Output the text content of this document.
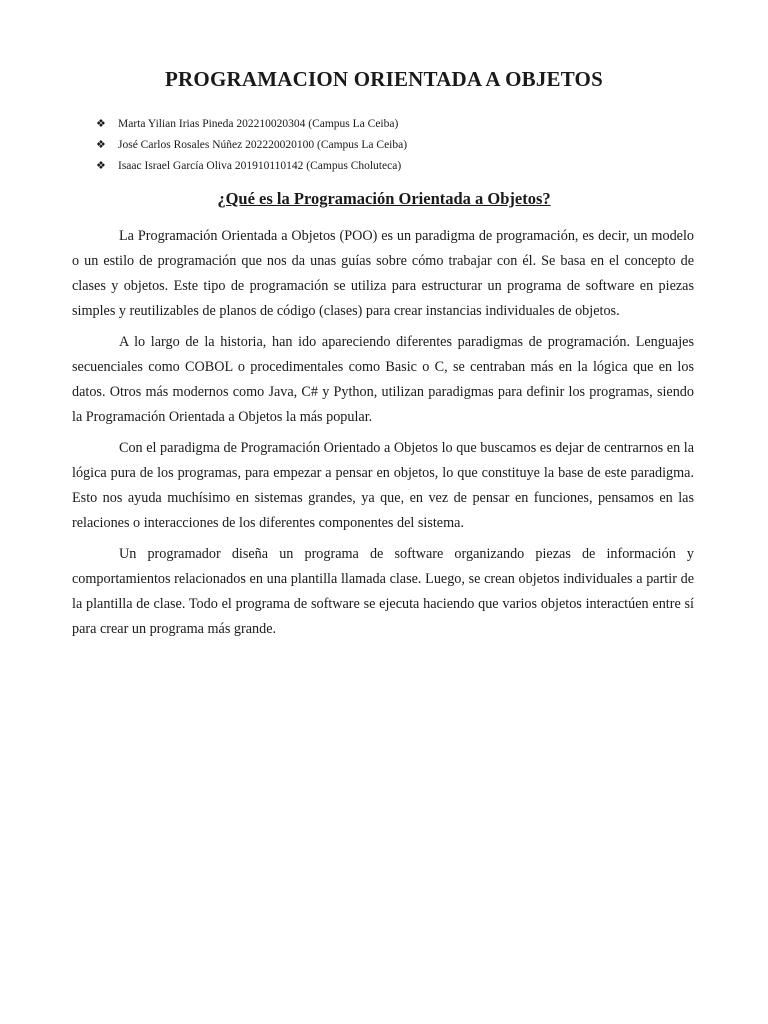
PROGRAMACION ORIENTADA A OBJETOS
❖	Marta Yilian Irias Pineda 202210020304 (Campus La Ceiba)
❖	José Carlos Rosales Núñez 202220020100 (Campus La Ceiba)
❖	Isaac Israel García Oliva 201910110142 (Campus Choluteca)
¿Qué es la Programación Orientada a Objetos?

La Programación Orientada a Objetos (POO) es un paradigma de programación, es decir, un modelo o un estilo de programación que nos da unas guías sobre cómo trabajar con él. Se basa en el concepto de clases y objetos. Este tipo de programación se utiliza para estructurar un programa de software en piezas simples y reutilizables de planos de código (clases) para crear instancias individuales de objetos.

A lo largo de la historia, han ido apareciendo diferentes paradigmas de programación. Lenguajes secuenciales como COBOL o procedimentales como Basic o C, se centraban más en la lógica que en los datos. Otros más modernos como Java, C# y Python, utilizan paradigmas para definir los programas, siendo la Programación Orientada a Objetos la más popular.

Con el paradigma de Programación Orientado a Objetos lo que buscamos es dejar de centrarnos en la lógica pura de los programas, para empezar a pensar en objetos, lo que constituye la base de este paradigma. Esto nos ayuda muchísimo en sistemas grandes, ya que, en vez de pensar en funciones, pensamos en las relaciones o interacciones de los diferentes componentes del sistema.

Un programador diseña un programa de software organizando piezas de información y comportamientos relacionados en una plantilla llamada clase. Luego, se crean objetos individuales a partir de la plantilla de clase. Todo el programa de software se ejecuta haciendo que varios objetos interactúen entre sí para crear un programa más grande.
